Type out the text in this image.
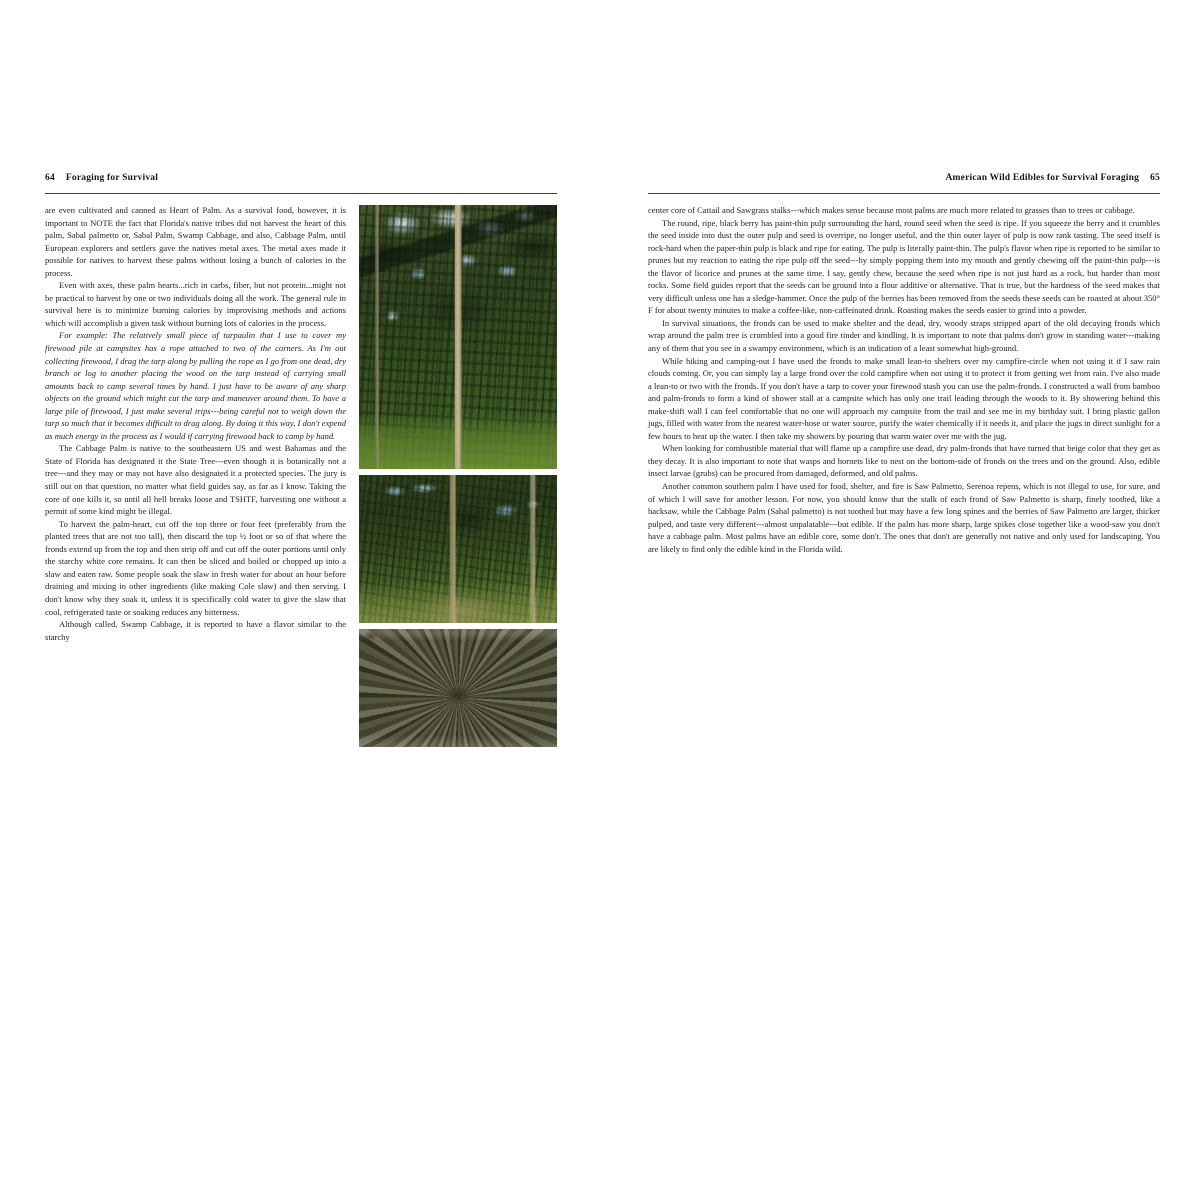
64 Foraging for Survival

are even cultivated and canned as Heart of Palm. As a survival food, however, it is important to NOTE the fact that Florida's native tribes did not harvest the heart of this palm, Sabal palmetto or, Sabal Palm, Swamp Cabbage, and also, Cabbage Palm, until European explorers and settlers gave the natives metal axes. The metal axes made it possible for natives to harvest these palms without losing a bunch of calories in the process.

Even with axes, these palm hearts...rich in carbs, fiber, but not protein...might not be practical to harvest by one or two individuals doing all the work. The general rule in survival here is to minimize burning calories by improvising methods and actions which will accomplish a given task without burning lots of calories in the process.

For example: The relatively small piece of tarpaulin that I use to cover my firewood pile at campsites has a rope attached to two of the corners. As I'm out collecting firewood, I drag the tarp along by pulling the rope as I go from one dead, dry branch or log to another placing the wood on the tarp instead of carrying small amounts back to camp several times by hand. I just have to be aware of any sharp objects on the ground which might cut the tarp and maneuver around them. To have a large pile of firewood, I just make several trips---being careful not to weigh down the tarp so much that it becomes difficult to drag along. By doing it this way, I don't expend as much energy in the process as I would if carrying firewood back to camp by hand.

The Cabbage Palm is native to the southeastern US and west Bahamas and the State of Florida has designated it the State Tree---even though it is botanically not a tree---and they may or may not have also designated it a protected species. The jury is still out on that question, no matter what field guides say, as far as I know. Taking the core of one kills it, so until all hell breaks loose and TSHTF, harvesting one without a permit of some kind might be illegal.

To harvest the palm-heart, cut off the top three or four feet (preferably from the planted trees that are not too tall), then discard the top ½ foot or so of that where the fronds extend up from the top and then strip off and cut off the outer portions until only the starchy white core remains. It can then be sliced and boiled or chopped up into a slaw and eaten raw. Some people soak the slaw in fresh water for about an hour before draining and mixing in other ingredients (like making Cole slaw) and then serving. I don't know why they soak it, unless it is specifically cold water to give the slaw that cool, refrigerated taste or soaking reduces any bitterness.

Although called, Swamp Cabbage, it is reported to have a flavor similar to the starchy

American Wild Edibles for Survival Foraging 65

center core of Cattail and Sawgrass stalks---which makes sense because most palms are much more related to grasses than to trees or cabbage.

The round, ripe, black berry has paint-thin pulp surrounding the hard, round seed when the seed is ripe. If you squeeze the berry and it crumbles the seed inside into dust the outer pulp and seed is overripe, no longer useful, and the thin outer layer of pulp is now rank tasting. The seed itself is rock-hard when the paper-thin pulp is black and ripe for eating. The pulp is literally paint-thin. The pulp's flavor when ripe is reported to be similar to prunes but my reaction to eating the ripe pulp off the seed---by simply popping them into my mouth and gently chewing off the paint-thin pulp---is the flavor of licorice and prunes at the same time. I say, gently chew, because the seed when ripe is not just hard as a rock, but harder than most rocks. Some field guides report that the seeds can be ground into a flour additive or alternative. That is true, but the hardness of the seed makes that very difficult unless one has a sledge-hammer. Once the pulp of the berries has been removed from the seeds these seeds can be roasted at about 350° F for about twenty minutes to make a coffee-like, non-caffeinated drink. Roasting makes the seeds easier to grind into a powder.

In survival situations, the fronds can be used to make shelter and the dead, dry, woody straps stripped apart of the old decaying fronds which wrap around the palm tree is crumbled into a good fire tinder and kindling. It is important to note that palms don't grow in standing water---making any of them that you see in a swampy environment, which is an indication of a least somewhat high-ground.

While hiking and camping-out I have used the fronds to make small lean-to shelters over my campfire-circle when not using it if I saw rain clouds coming. Or, you can simply lay a large frond over the cold campfire when not using it to protect it from getting wet from rain. I've also made a lean-to or two with the fronds. If you don't have a tarp to cover your firewood stash you can use the palm-fronds. I constructed a wall from bamboo and palm-fronds to form a kind of shower stall at a campsite which has only one trail leading through the woods to it. By showering behind this make-shift wall I can feel comfortable that no one will approach my campsite from the trail and see me in my birthday suit. I bring plastic gallon jugs, filled with water from the nearest water-hose or water source, purify the water chemically if it needs it, and place the jugs in direct sunlight for a few hours to heat up the water. I then take my showers by pouring that warm water over me with the jug.

When looking for combustible material that will flame up a campfire use dead, dry palm-fronds that have turned that beige color that they get as they decay. It is also important to note that wasps and hornets like to nest on the bottom-side of fronds on the trees and on the ground. Also, edible insect larvae (grubs) can be procured from damaged, deformed, and old palms.

Another common southern palm I have used for food, shelter, and fire is Saw Palmetto, Serenoa repens, which is not illegal to use, for sure, and of which I will save for another lesson. For now, you should know that the stalk of each frond of Saw Palmetto is sharp, finely toothed, like a hacksaw, while the Cabbage Palm (Sabal palmetto) is not toothed but may have a few long spines and the berries of Saw Palmetto are larger, thicker pulped, and taste very different---almost unpalatable---but edible. If the palm has more sharp, large spikes close together like a wood-saw you don't have a cabbage palm. Most palms have an edible core, some don't. The ones that don't are generally not native and only used for landscaping. You are likely to find only the edible kind in the Florida wild.
